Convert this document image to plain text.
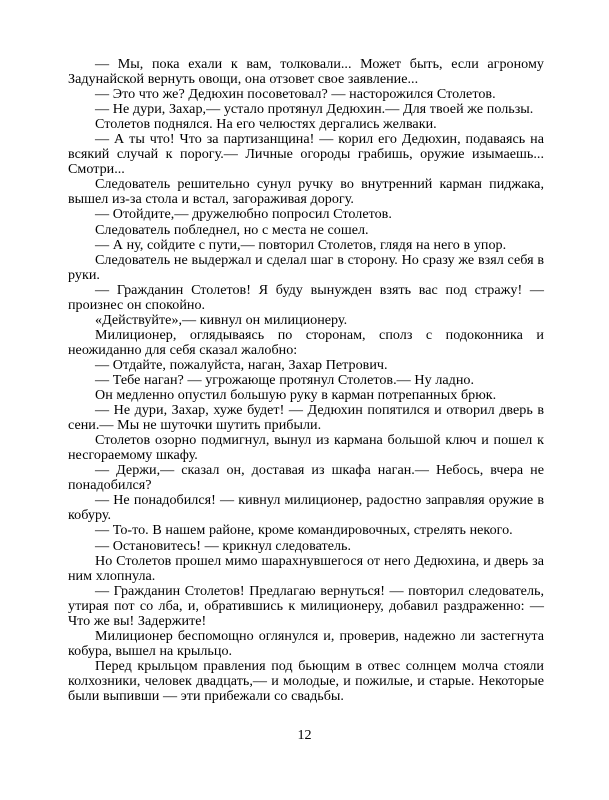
— Мы, пока ехали к вам, толковали... Может быть, если агроному Задунайской вернуть овощи, она отзовет свое заявление...

— Это что же? Дедюхин посоветовал? — насторожился Столетов.

— Не дури, Захар,— устало протянул Дедюхин.— Для твоей же пользы.

Столетов поднялся. На его челюстях дергались желваки.

— А ты что! Что за партизанщина! — корил его Дедюхин, подаваясь на всякий случай к порогу.— Личные огороды грабишь, оружие изымаешь... Смотри...

Следователь решительно сунул ручку во внутренний карман пиджака, вышел из-за стола и встал, загораживая дорогу.

— Отойдите,— дружелюбно попросил Столетов.

Следователь побледнел, но с места не сошел.

— А ну, сойдите с пути,— повторил Столетов, глядя на него в упор.

Следователь не выдержал и сделал шаг в сторону. Но сразу же взял себя в руки.

— Гражданин Столетов! Я буду вынужден взять вас под стражу! — произнес он спокойно.

«Действуйте»,— кивнул он милиционеру.

Милиционер, оглядываясь по сторонам, сполз с подоконника и неожиданно для себя сказал жалобно:

— Отдайте, пожалуйста, наган, Захар Петрович.

— Тебе наган? — угрожающе протянул Столетов.— Ну ладно.

Он медленно опустил большую руку в карман потрепанных брюк.

— Не дури, Захар, хуже будет! — Дедюхин попятился и отворил дверь в сени.— Мы не шуточки шутить прибыли.

Столетов озорно подмигнул, вынул из кармана большой ключ и пошел к несгораемому шкафу.

— Держи,— сказал он, доставая из шкафа наган.— Небось, вчера не понадобился?

— Не понадобился! — кивнул милиционер, радостно заправляя оружие в кобуру.

— То-то. В нашем районе, кроме командировочных, стрелять некого.

— Остановитесь! — крикнул следователь.

Но Столетов прошел мимо шарахнувшегося от него Дедюхина, и дверь за ним хлопнула.

— Гражданин Столетов! Предлагаю вернуться! — повторил следователь, утирая пот со лба, и, обратившись к милиционеру, добавил раздраженно: — Что же вы! Задержите!

Милиционер беспомощно оглянулся и, проверив, надежно ли застегнута кобура, вышел на крыльцо.

Перед крыльцом правления под бьющим в отвес солнцем молча стояли колхозники, человек двадцать,— и молодые, и пожилые, и старые. Некоторые были выпивши — эти прибежали со свадьбы.

12
